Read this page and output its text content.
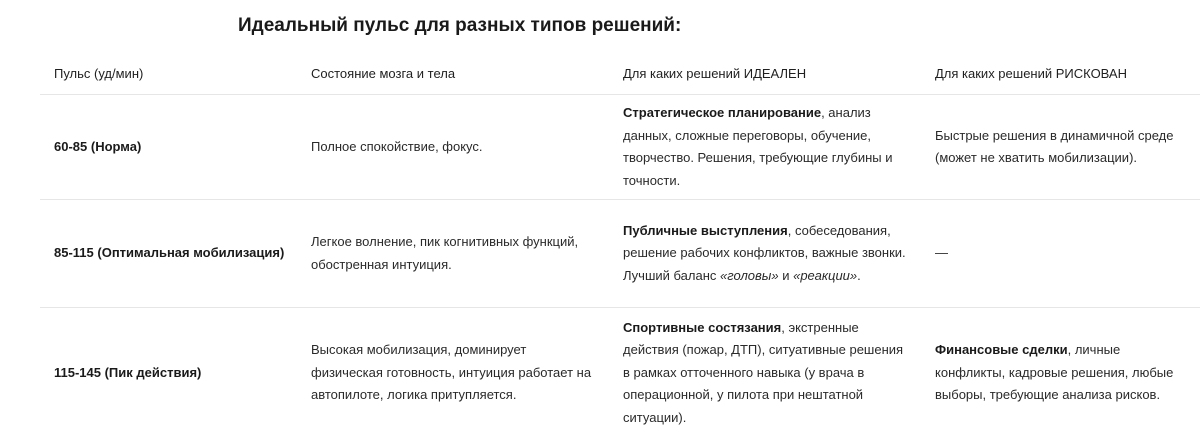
Идеальный пульс для разных типов решений:
Пульс (уд/мин)	Состояние мозга и тела	Для каких решений ИДЕАЛЕН	Для каких решений РИСКОВАН
60-85 (Норма)	Полное спокойствие, фокус.	Стратегическое планирование, анализ данных, сложные переговоры, обучение, творчество. Решения, требующие глубины и точности.	Быстрые решения в динамичной среде (может не хватить мобилизации).
85-115 (Оптимальная мобилизация)	Легкое волнение, пик когнитивных функций, обостренная интуиция.	Публичные выступления, собеседования, решение рабочих конфликтов, важные звонки. Лучший баланс «головы» и «реакции».	—
115-145 (Пик действия)	Высокая мобилизация, доминирует физическая готовность, интуиция работает на автопилоте, логика притупляется.	Спортивные состязания, экстренные действия (пожар, ДТП), ситуативные решения в рамках отточенного навыка (у врача в операционной, у пилота при нештатной ситуации).	Финансовые сделки, личные конфликты, кадровые решения, любые выборы, требующие анализа рисков.
